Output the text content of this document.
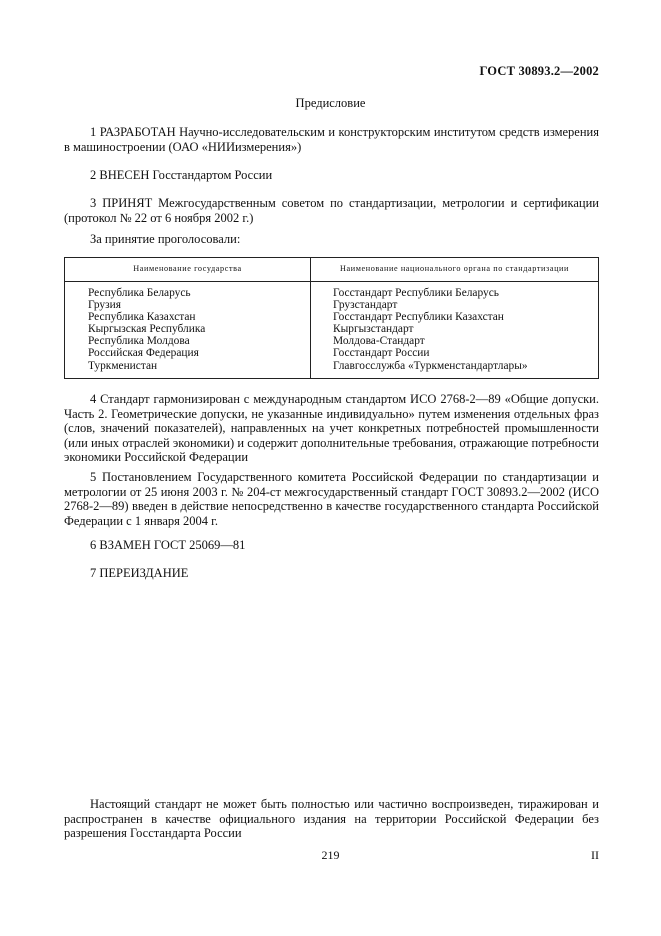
ГОСТ 30893.2—2002
Предисловие
1 РАЗРАБОТАН Научно-исследовательским и конструкторским институтом средств измерения в машиностроении (ОАО «НИИизмерения»)
2 ВНЕСЕН Госстандартом России
3 ПРИНЯТ Межгосударственным советом по стандартизации, метрологии и сертификации (протокол № 22 от 6 ноября 2002 г.)
За принятие проголосовали:
Наименование государства	Наименование национального органа по стандартизации
Республика Беларусь
Грузия
Республика Казахстан
Кыргызская Республика
Республика Молдова
Российская Федерация
Туркменистан
Госстандарт Республики Беларусь
Грузстандарт
Госстандарт Республики Казахстан
Кыргызстандарт
Молдова-Стандарт
Госстандарт России
Главгосслужба «Туркменстандартлары»
4 Стандарт гармонизирован с международным стандартом ИСО 2768-2—89 «Общие допуски. Часть 2. Геометрические допуски, не указанные индивидуально» путем изменения отдельных фраз (слов, значений показателей), направленных на учет конкретных потребностей промышленности (или иных отраслей экономики) и содержит дополнительные требования, отражающие потребности экономики Российской Федерации
5 Постановлением Государственного комитета Российской Федерации по стандартизации и метрологии от 25 июня 2003 г. № 204-ст межгосударственный стандарт ГОСТ 30893.2—2002 (ИСО 2768-2—89) введен в действие непосредственно в качестве государственного стандарта Российской Федерации с 1 января 2004 г.
6 ВЗАМЕН ГОСТ 25069—81
7 ПЕРЕИЗДАНИЕ
Настоящий стандарт не может быть полностью или частично воспроизведен, тиражирован и распространен в качестве официального издания на территории Российской Федерации без разрешения Госстандарта России
219	II
